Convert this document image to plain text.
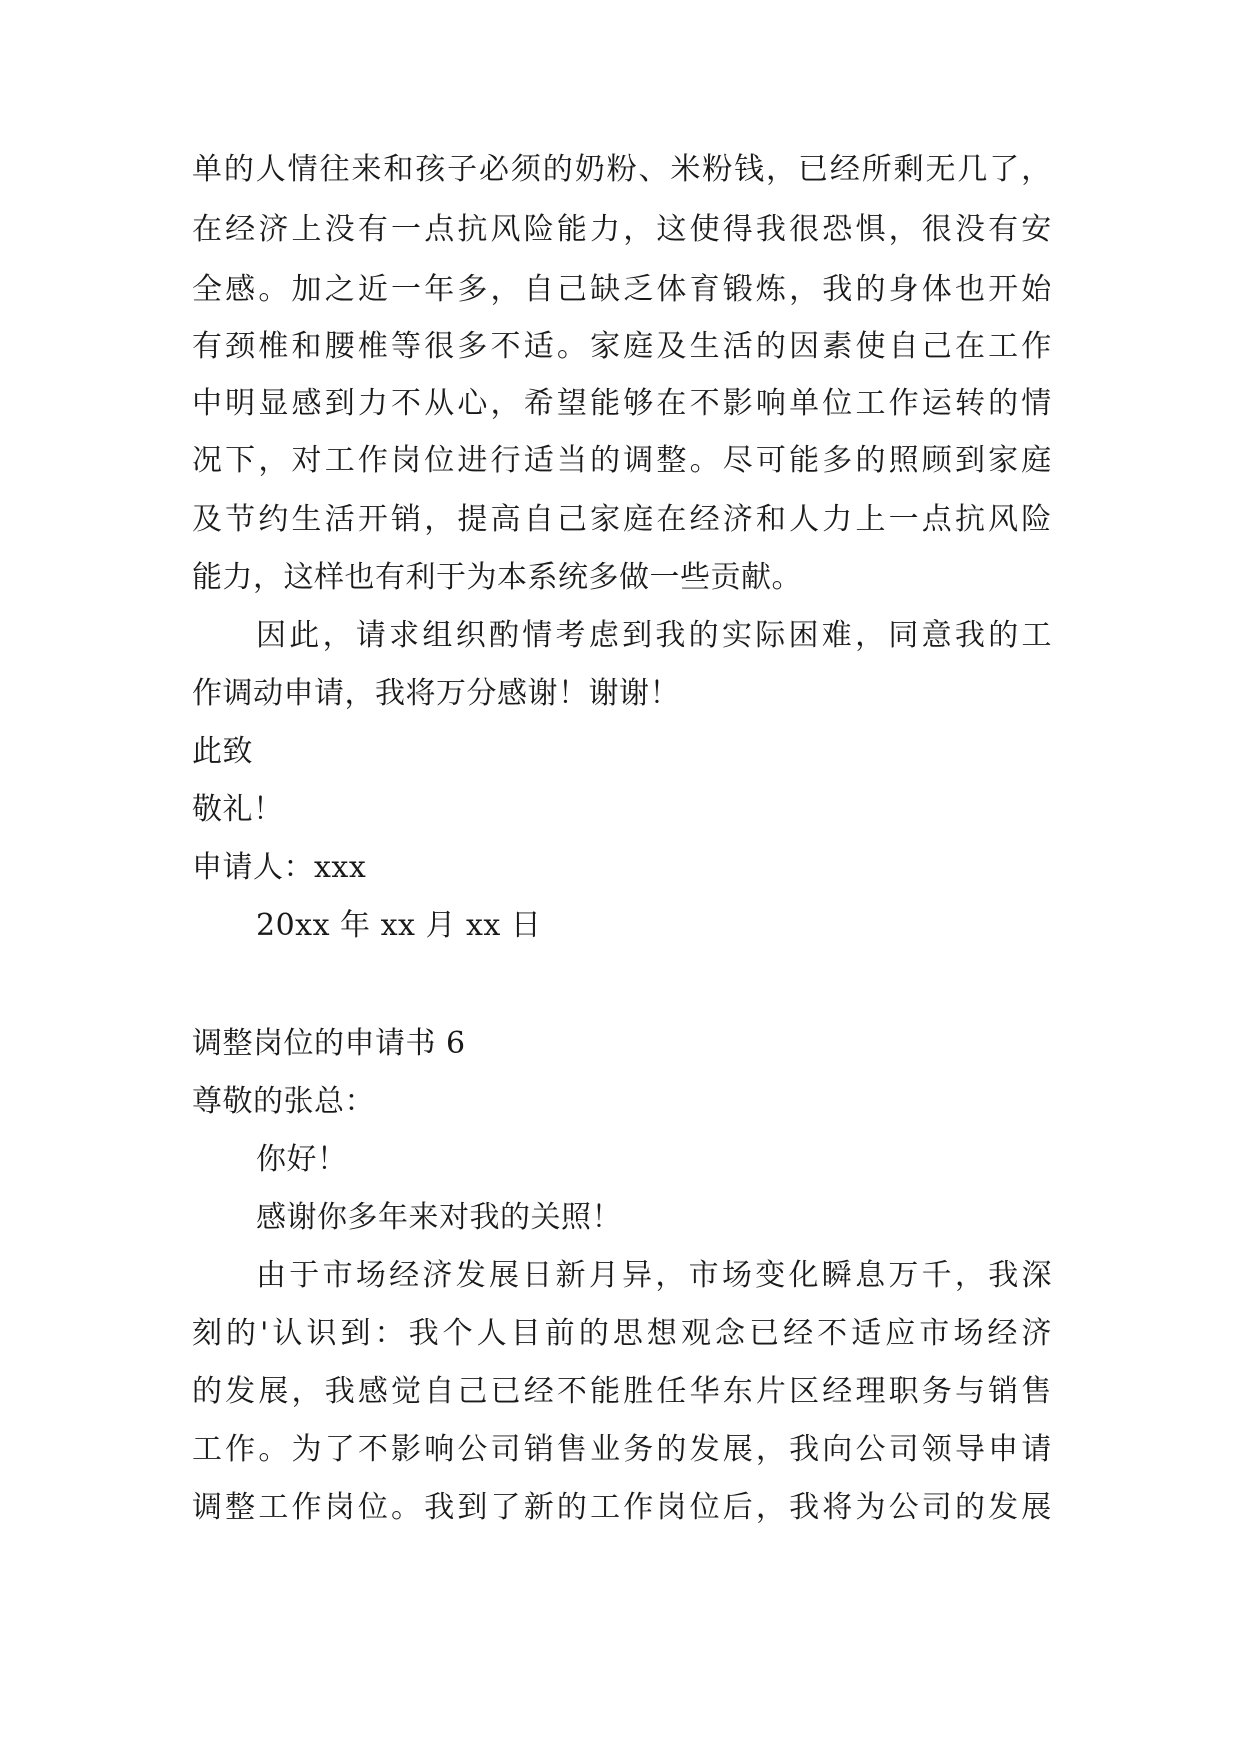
单 的 人 情 往 来 和 孩 子 必 须 的 奶 粉 、 米 粉 钱 ， 已 经 所 剩 无 几 了 ，
在 经 济 上 没 有 一 点 抗 风 险 能 力 ， 这 使 得 我 很 恐 惧 ， 很 没 有 安
全 感 。 加 之 近 一 年 多 ， 自 己 缺 乏 体 育 锻 炼 ， 我 的 身 体 也 开 始
有 颈 椎 和 腰 椎 等 很 多 不 适 。 家 庭 及 生 活 的 因 素 使 自 己 在 工 作
中 明 显 感 到 力 不 从 心 ， 希 望 能 够 在 不 影 响 单 位 工 作 运 转 的 情
况 下 ， 对 工 作 岗 位 进 行 适 当 的 调 整 。 尽 可 能 多 的 照 顾 到 家 庭
及 节 约 生 活 开 销 ， 提 高 自 己 家 庭 在 经 济 和 人 力 上 一 点 抗 风 险
能力，这样也有利于为本系统多做一些贡献。
因 此 ， 请 求 组 织 酌 情 考 虑 到 我 的 实 际 困 难 ， 同 意 我 的 工
作调动申请，我将万分感谢！谢谢！
此致
敬礼！
申请人：xxx
20xx 年 xx 月 xx 日
调整岗位的申请书 6
尊敬的张总：
你好！
感谢你多年来对我的关照！
由 于 市 场 经 济 发 展 日 新 月 异 ， 市 场 变 化 瞬 息 万 千 ， 我 深
刻 的 ' 认 识 到 ： 我 个 人 目 前 的 思 想 观 念 已 经 不 适 应 市 场 经 济
的 发 展 ， 我 感 觉 自 己 已 经 不 能 胜 任 华 东 片 区 经 理 职 务 与 销 售
工 作 。 为 了 不 影 响 公 司 销 售 业 务 的 发 展 ， 我 向 公 司 领 导 申 请
调 整 工 作 岗 位 。 我 到 了 新 的 工 作 岗 位 后 ， 我 将 为 公 司 的 发 展
